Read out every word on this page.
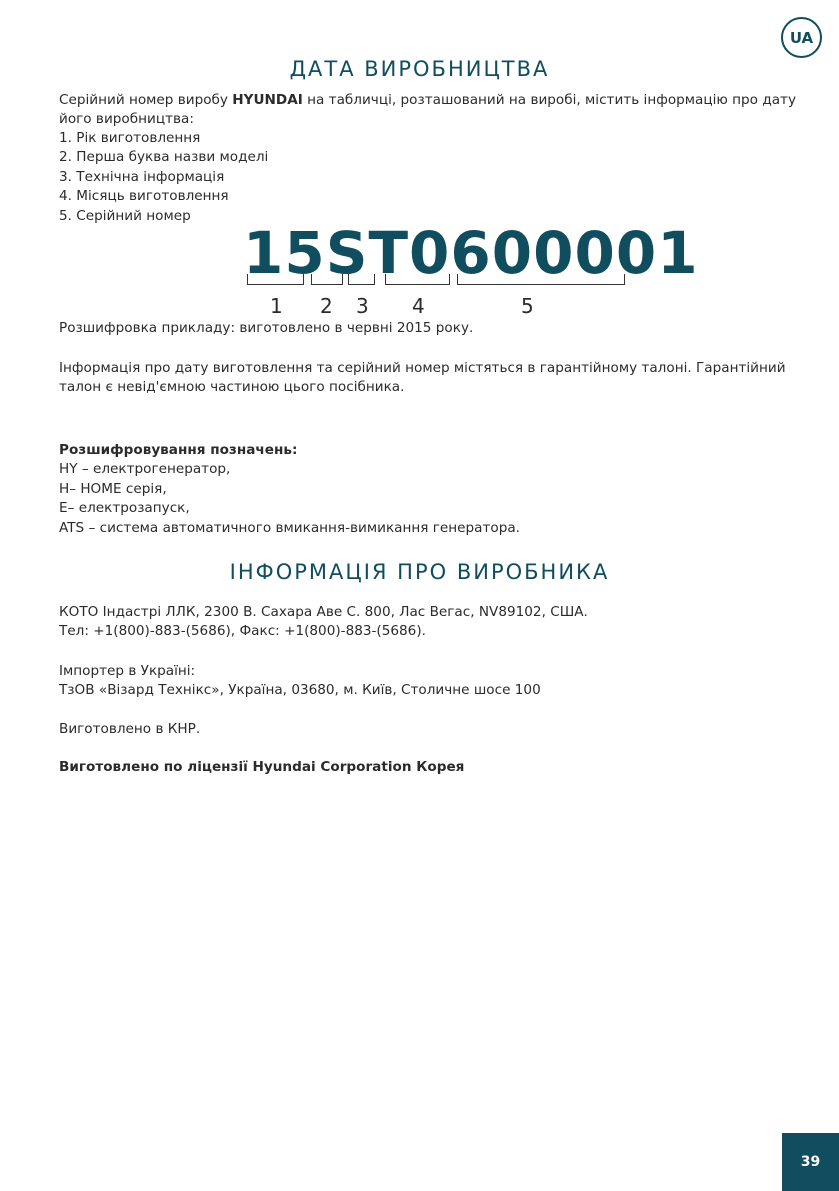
UA
ДАТА ВИРОБНИЦТВА
Серійний номер виробу HYUNDAI на табличці, розташований на виробі, містить інформацію про дату
його виробництва:
1. Рік виготовлення
2. Перша буква назви моделі
3. Технічна інформація
4. Місяць виготовлення
5. Серійний номер
15ST0600001
1 2 3 4	5
Розшифровка прикладу: виготовлено в червні 2015 року.
Інформація про дату виготовлення та серійний номер містяться в гарантійному талоні. Гарантійний
талон є невід'ємною частиною цього посібника.
Розшифровування позначень:
HY – електрогенератор,
H– HOME серія,
E– електрозапуск,
ATS – система автоматичного вмикання-вимикання генератора.
ІНФОРМАЦІЯ ПРО ВИРОБНИКА
КОТО Індастрі ЛЛК, 2300 В. Сахара Аве С. 800, Лас Вегас, NV89102, США.
Тел: +1(800)-883-(5686), Факс: +1(800)-883-(5686).
Імпортер в Україні:
ТзОВ «Візард Технікс», Україна, 03680, м. Київ, Столичне шосе 100
Виготовлено в КНР.
Виготовлено по ліцензії Hyundai Corporation Корея
39
